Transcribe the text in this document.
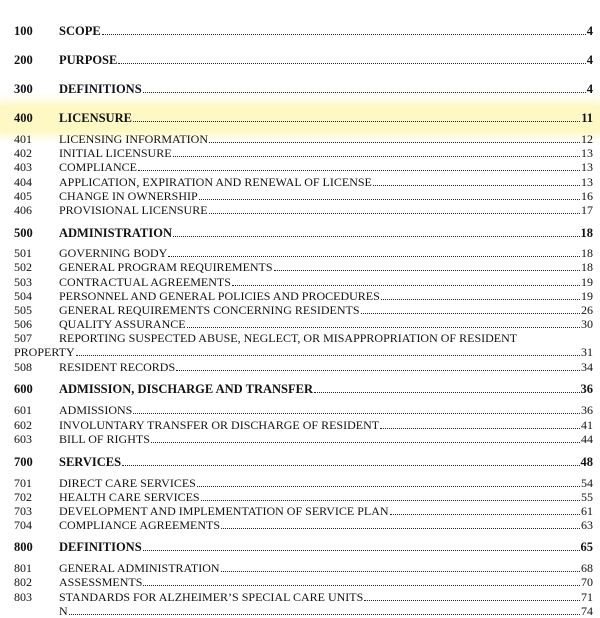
100	SCOPE	4
200	PURPOSE	4
300	DEFINITIONS	4
400	LICENSURE	11
401	LICENSING INFORMATION	12
402	INITIAL LICENSURE	13
403	COMPLIANCE	13
404	APPLICATION, EXPIRATION AND RENEWAL OF LICENSE	13
405	CHANGE IN OWNERSHIP	16
406	PROVISIONAL LICENSURE	17
500	ADMINISTRATION	18
501	GOVERNING BODY	18
502	GENERAL PROGRAM REQUIREMENTS	18
503	CONTRACTUAL AGREEMENTS	19
504	PERSONNEL AND GENERAL POLICIES AND PROCEDURES	19
505	GENERAL REQUIREMENTS CONCERNING RESIDENTS	26
506	QUALITY ASSURANCE	30
507	REPORTING SUSPECTED ABUSE, NEGLECT, OR MISAPPROPRIATION OF RESIDENT
PROPERTY	31
508	RESIDENT RECORDS	34
600	ADMISSION, DISCHARGE AND TRANSFER	36
601	ADMISSIONS	36
602	INVOLUNTARY TRANSFER OR DISCHARGE OF RESIDENT	41
603	BILL OF RIGHTS	44
700	SERVICES	48
701	DIRECT CARE SERVICES	54
702	HEALTH CARE SERVICES	55
703	DEVELOPMENT AND IMPLEMENTATION OF SERVICE PLAN	61
704	COMPLIANCE AGREEMENTS	63
800	DEFINITIONS	65
801	GENERAL ADMINISTRATION	68
802	ASSESSMENTS	70
803	STANDARDS FOR ALZHEIMER’S SPECIAL CARE UNITS	71
N	74
